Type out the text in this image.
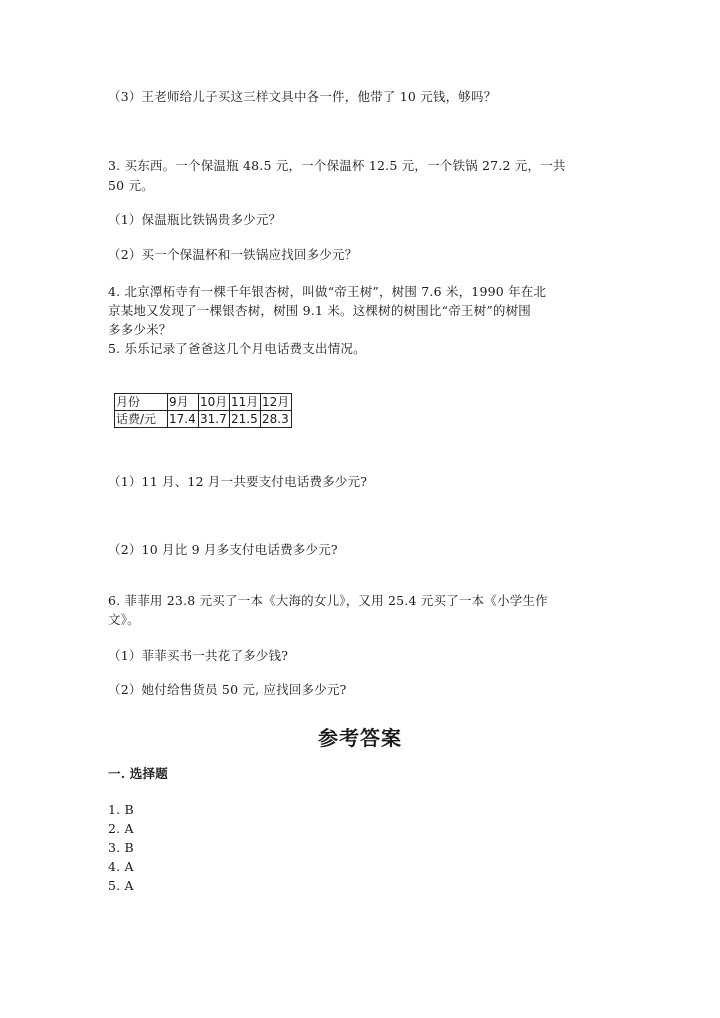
（3）王老师给儿子买这三样文具中各一件，他带了 10 元钱，够吗？
3. 买东西。一个保温瓶 48.5 元，一个保温杯 12.5 元，一个铁锅 27.2 元，一共
50 元。
（1）保温瓶比铁锅贵多少元？
（2）买一个保温杯和一铁锅应找回多少元？
4. 北京潭柘寺有一棵千年银杏树，叫做“帝王树”，树围 7.6 米，1990 年在北
京某地又发现了一棵银杏树，树围 9.1 米。这棵树的树围比“帝王树”的树围
多多少米？
5. 乐乐记录了爸爸这几个月电话费支出情况。
月份	9月	10月	11月	12月
话费/元	17.4	31.7	21.5	28.3
（1）11 月、12 月一共要支付电话费多少元?
（2）10 月比 9 月多支付电话费多少元?
6. 菲菲用 23.8 元买了一本《大海的女儿》，又用 25.4 元买了一本《小学生作
文》。
（1）菲菲买书一共花了多少钱?
（2）她付给售货员 50 元, 应找回多少元?
参考答案
一. 选择题
1. B
2. A
3. B
4. A
5. A
